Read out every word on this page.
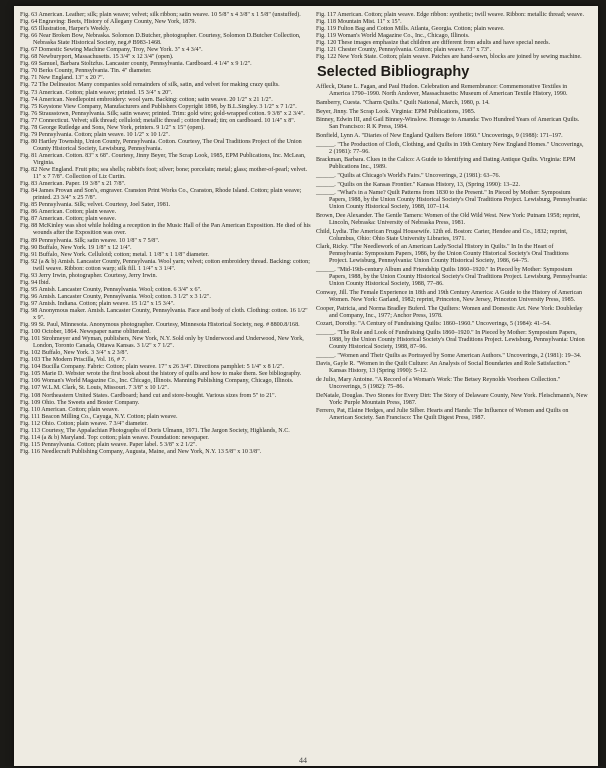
Fig. 63 American. Leather; silk; plain weave; velvet; silk ribbon; satin weave. 10 5/8" x 4 3/8" x 1 5/8" (unstuffed).

Fig. 64 Engraving: Beets, History of Allegany County, New York, 1879.

Fig. 65 Illustration, Harper's Weekly.

Fig. 66 Near Broken Bow, Nebraska. Solomon D.Butcher, photographer. Courtesy, Solomon D.Butcher Collection, Nebraska State Historical Society, neg.# B983-1468.

Fig. 67 Domestic Sewing Machine Company, Troy, New York. 3" x 4 3/4".

Fig. 68 Newburyport, Massachusetts. 15 3/4" x 12 3/4" (open).

Fig. 69 Samuel, Barbara Stoltzfus. Lancaster county, Pennsylvania. Cardboard. 4 1/4" x 9 1/2".

Fig. 70 Berks County, Pennsylvania. Tin. 4" diameter.

Fig. 71 New England. 13" x 20 ?".

Fig. 72 The Delineator. Many companies sold remainders of silk, satin, and velvet for making crazy quilts.

Fig. 73 American. Cotton; plain weave; printed. 15 3/4" x 20".

Fig. 74 American. Needlepoint embroidery: wool yarn. Backing: cotton; satin weave. 20 1/2" x 21 1/2".

Fig. 75 Keystone View Company, Manufacturers and Publishers Copyright 1898, by B.L.Singley. 3 1/2" x 7 1/2".

Fig. 76 Strausstown, Pennsylvania. Silk; satin weave; printed. Trim: gold wire; gold-wrapped cotton. 9 3/8" x 2 3/4".

Fig. 77 Connecticut. Velvet; silk thread; celluloid; metallic thread ; cotton thread; tin; on cardboard. 10 1/4" x 8".

Fig. 78 George Rutledge and Sons, New York, printers. 9 1/2" x 15" (open).

Fig. 79 Pennsylvania. Cotton; plain weave. 10 1/2" x 10 1/2".

Fig. 80 Hartley Township, Union County, Pennsylvania. Cotton. Courtesy, The Oral Traditions Project of the Union County Historical Society, Lewisburg, Pennsylvania.

Fig. 81 American. Cotton. 83" x 68". Courtesy, Jinny Beyer, The Scrap Look, 1985, EPM Publications, Inc. McLean, Virginia.

Fig. 82 New England. Fruit pits; sea shells; rabbit's foot; silver; bone; porcelain; metal; glass; mother-of-pearl; velvet. 11" x 7 7/8". Collection of Liz Curtin.

Fig. 83 American. Paper. 19 3/8" x 21 7/8".

Fig. 84 James Provan and Son's, engraver. Cranston Print Works Co., Cranston, Rhode Island. Cotton; plain weave; printed. 23 3/4" x 25 7/8".

Fig. 85 Pennsylvania. Silk; velvet. Courtesy, Joel Sater, 1981.

Fig. 86 American. Cotton; plain weave.

Fig. 87 American. Cotton; plain weave.

Fig. 88 McKinley was shot while holding a reception in the Music Hall of the Pan American Exposition. He died of his wounds after the Exposition was over.

Fig. 89 Pennsylvania. Silk; satin weave. 10 1/8" x 7 5/8".

Fig. 90 Buffalo, New York. 19 1/8" x 12 1/4".

Fig. 91 Buffalo, New York. Celluloid; cotton; metal. 1 1/8" x 1 1/8" diameter.

Fig. 92 (a & b) Amish. Lancaster County, Pennsylvania. Wool yarn; velvet; cotton embroidery thread. Backing: cotton; twill weave. Ribbon: cotton warp; silk fill. 1 1/4" x 3 1/4".

Fig. 93 Jerry Irwin, photographer. Courtesy, Jerry Irwin.

Fig. 94 Ibid.

Fig. 95 Amish. Lancaster County, Pennsylvania. Wool; cotton. 6 3/4" x 6".

Fig. 96 Amish. Lancaster County, Pennsylvania. Wool; cotton. 3 1/2" x 3 1/2".

Fig. 97 Amish. Indiana. Cotton; plain weave. 15 1/2" x 15 3/4".

Fig. 98 Anonymous maker. Amish. Lancaster County, Pennsylvania. Face and body of cloth. Clothing: cotton. 16 1/2" x 9".

Fig. 99 St. Paul, Minnesota. Anonymous photographer. Courtesy, Minnesota Historical Society, neg. # 8800.8/168.

Fig. 100 October, 1864. Newspaper name obliterated.

Fig. 101 Strohmeyer and Wyman, publishers, New York, N.Y. Sold only by Underwood and Underwood, New York, London, Toronto Canada, Ottawa Kansas. 3 1/2" x 7 1/2".

Fig. 102 Buffalo, New York. 3 3/4" x 2 3/8".

Fig. 103 The Modern Priscilla, Vol. 16, # 7.

Fig. 104 Bucilla Company. Fabric: Cotton; plain weave. 17" x 26 3/4". Directions pamphlet: 5 1/4" x 8 1/2".

Fig. 105 Marie D. Webster wrote the first book about the history of quilts and how to make them. See bibliography.

Fig. 106 Woman's World Magazine Co., Inc. Chicago, Illinois. Manning Publishing Company, Chicago, Illinois.

Fig. 107 W.L.M. Clark, St. Louis, Missouri. 7 3/8" x 10 1/2".

Fig. 108 Northeastern United States. Cardboard; hand cut and store-bought. Various sizes from 5" to 21".

Fig. 109 Ohio. The Sweets and Boster Company.

Fig. 110 American. Cotton; plain weave.

Fig. 111 Beacon Milling Co., Cayuga, N.Y. Cotton; plain weave.

Fig. 112 Ohio. Cotton; plain weave. 7 3/4" diameter.

Fig. 113 Courtesy, The Appalachian Photographs of Doris Ulmann, 1971. The Jargon Society, Highlands, N.C.

Fig. 114 (a & b) Maryland. Top: cotton; plain weave. Foundation: newspaper.

Fig. 115 Pennsylvania. Cotton; plain weave. Paper label. 5 3/8" x 2 1/2".

Fig. 116 Needlecraft Publishing Company, Augusta, Maine, and New York, N.Y. 13 5/8" x 10 3/8".

Fig. 117 American. Cotton; plain weave. Edge ribbon: synthetic; twill weave. Ribbon: metallic thread; weave.

Fig. 118 Mountain Mist. 11" x 15".

Fig. 119 Fulton Bag and Cotton Mills. Atlanta, Georgia. Cotton; plain weave.

Fig. 119 Woman's World Magazine Co., Inc., Chicago, Illinois.

Fig. 120 These images emphasize that children are different from adults and have special needs.

Fig. 121 Chester County, Pennsylvania. Cotton; plain weave. 73" x 73".

Fig. 122 New York State. Cotton; plain weave. Patches are hand-sewn, blocks are joined by sewing machine.

Selected Bibliography

Affleck, Diane L. Fagan, and Paul Hudon. Celebration and Remembrance: Commemorative Textiles in America 1790–1990. North Andover, Massachusetts: Museum of American Textile History, 1990.

Bamberry, Cuesta. "Charm Quilts." Quilt National, March, 1980, p. 14.

Beyer, Jinny. The Scrap Look. Virginia: EPM Publications, 1985.

Binney, Edwin III, and Gail Binney-Winslow. Homage to Amanda: Two Hundred Years of American Quilts. San Francisco: R K Press, 1984.

Bonfield, Lynn A. "Diaries of New England Quilters Before 1860." Uncoverings, 9 (1988): 171–197.

______. "The Production of Cloth, Clothing, and Quilts in 19th Century New England Homes." Uncoverings, 2 (1981): 77–96.

Brackman, Barbara. Clues in the Calico: A Guide to Identifying and Dating Antique Quilts. Virginia: EPM Publications Inc., 1989.

______. "Quilts at Chicago's World's Fairs." Uncoverings, 2 (1981): 63–76.

______. "Quilts on the Kansas Frontier." Kansas History, 13, (Spring 1990): 13–22.

______. "What's in a Name? Quilt Patterns from 1830 to the Present." In Pieced by Mother: Symposium Papers, 1988, by the Union County Historical Society's Oral Traditions Project. Lewisburg, Pennsylvania: Union County Historical Society, 1988, 107–114.

Brown, Dee Alexander. The Gentle Tamers: Women of the Old Wild West. New York: Putnam 1958; reprint, Lincoln, Nebraska: University of Nebraska Press, 1981.

Child, Lydia. The American Frugal Housewife. 12th ed. Boston: Carter, Hendee and Co., 1832; reprint, Columbus, Ohio: Ohio State University Libraries, 1971.

Clark, Ricky. "The Needlework of an American Lady/Social History in Quilts." In In the Heart of Pennsylvania: Symposium Papers, 1986, by the Union County Historical Society's Oral Traditions Project. Lewisburg, Pennsylvania: Union County Historical Society, 1986, 64–75.

______. "Mid-19th-century Album and Friendship Quilts 1860–1920." In Pieced by Mother: Symposium Papers, 1988, by the Union County Historical Society's Oral Traditions Project. Lewisburg, Pennsylvania: Union County Historical Society, 1988, 77–86.

Conway, Jill. The Female Experience in 18th and 19th Century America: A Guide to the History of American Women. New York: Garland, 1982; reprint, Princeton, New Jersey, Princeton University Press, 1985.

Cooper, Patricia, and Norma Bradley Buferd. The Quilters: Women and Domestic Art. New York: Doubleday and Company, Inc., 1977; Anchor Press, 1978.

Cozart, Dorothy. "A Century of Fundraising Quilts: 1860–1960." Uncoverings, 5 (1984): 41–54.

______. "The Role and Look of Fundraising Quilts 1860–1920." In Pieced by Mother: Symposium Papers, 1988, by the Union County Historical Society's Oral Traditions Project. Lewisburg, Pennsylvania: Union County Historical Society, 1988, 87–96.

______. "Women and Their Quilts as Portrayed by Some American Authors." Uncoverings, 2 (1981): 19–34.

Davis, Gayle R. "Women in the Quilt Culture: An Analysis of Social Boundaries and Role Satisfaction." Kansas History, 13 (Spring 1990): 5–12.

de Julio, Mary Antoine. "A Record of a Woman's Work: The Betsey Reynolds Voorhees Collection." Uncoverings, 5 (1982): 75–86.

DeNatale, Douglas. Two Stones for Every Dirt: The Story of Delaware County, New York. Fleischmann's, New York: Purple Mountain Press, 1987.

Ferrero, Pat, Elaine Hedges, and Julie Silber. Hearts and Hands: The Influence of Women and Quilts on American Society. San Francisco: The Quilt Digest Press, 1987.

44
